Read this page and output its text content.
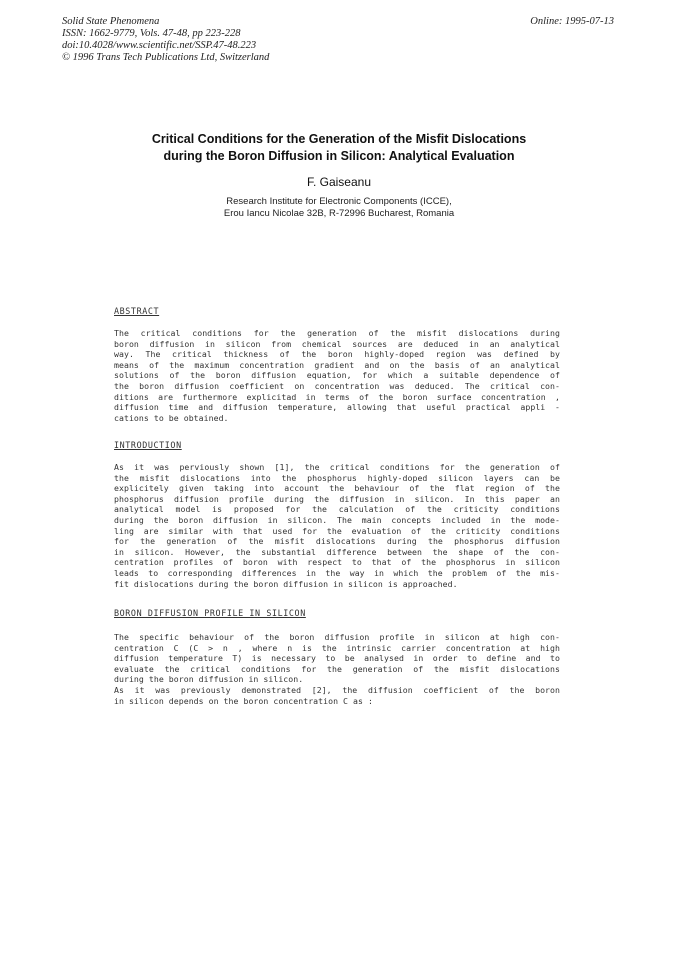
Solid State Phenomena
ISSN: 1662-9779, Vols. 47-48, pp 223-228
doi:10.4028/www.scientific.net/SSP.47-48.223
© 1996 Trans Tech Publications Ltd, Switzerland
Online: 1995-07-13
Critical Conditions for the Generation of the Misfit Dislocations
during the Boron Diffusion in Silicon: Analytical Evaluation
F. Gaiseanu
Research Institute for Electronic Components (ICCE),
Erou Iancu Nicolae 32B, R-72996 Bucharest, Romania
ABSTRACT
The critical conditions for the generation of the misfit dislocations during
boron diffusion in silicon from chemical sources are deduced in an analytical
way. The critical thickness of the boron highly-doped region was defined by
means of the maximum concentration gradient and on the basis of an analytical
solutions of the boron diffusion equation, for which a suitable dependence of
the boron diffusion coefficient on concentration was deduced. The critical con-
ditions are furthermore explicitad in terms of the boron surface concentration ,
diffusion time and diffusion temperature, allowing that useful practical appli -
cations to be obtained.
INTRODUCTION
As it was perviously shown [1], the critical conditions for the generation of
the misfit dislocations into the phosphorus highly-doped silicon layers can be
explicitely given taking into account the behaviour of the flat region of the
phosphorus diffusion profile during the diffusion in silicon. In this paper an
analytical model is proposed for the calculation of the criticity conditions
during the boron diffusion in silicon. The main concepts included in the mode-
ling are similar with that used for the evaluation of the criticity conditions
for the generation of the misfit dislocations during the phosphorus diffusion
in silicon. However, the substantial difference between the shape of the con-
centration profiles of boron with respect to that of the phosphorus in silicon
leads to corresponding differences in the way in which the problem of the mis-
fit dislocations during the boron diffusion in silicon is approached.
BORON DIFFUSION PROFILE IN SILICON
The specific behaviour of the boron diffusion profile in silicon at high con-
centration C (C > n , where n is the intrinsic carrier concentration at high
diffusion temperature T) is necessary to be analysed in order to define and to
evaluate the critical conditions for the generation of the misfit dislocations
during the boron diffusion in silicon.
As it was previously demonstrated [2], the diffusion coefficient of the boron
in silicon depends on the boron concentration C as :
